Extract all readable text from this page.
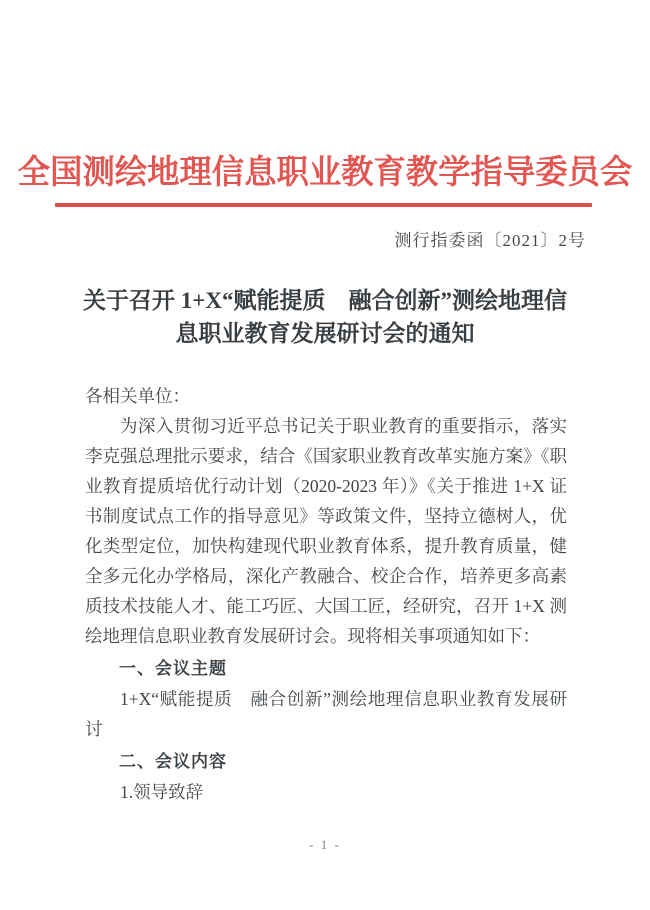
全国测绘地理信息职业教育教学指导委员会
测行指委函〔2021〕2号
关于召开 1+X“赋能提质　融合创新”测绘地理信息职业教育发展研讨会的通知

各相关单位：

为深入贯彻习近平总书记关于职业教育的重要指示，落实李克强总理批示要求，结合《国家职业教育改革实施方案》《职业教育提质培优行动计划（2020-2023 年）》《关于推进 1+X 证书制度试点工作的指导意见》等政策文件，坚持立德树人，优化类型定位，加快构建现代职业教育体系，提升教育质量，健全多元化办学格局，深化产教融合、校企合作，培养更多高素质技术技能人才、能工巧匠、大国工匠，经研究，召开 1+X 测绘地理信息职业教育发展研讨会。现将相关事项通知如下：

一、会议主题

1+X“赋能提质　融合创新”测绘地理信息职业教育发展研讨

二、会议内容

1.领导致辞

- 1 -
